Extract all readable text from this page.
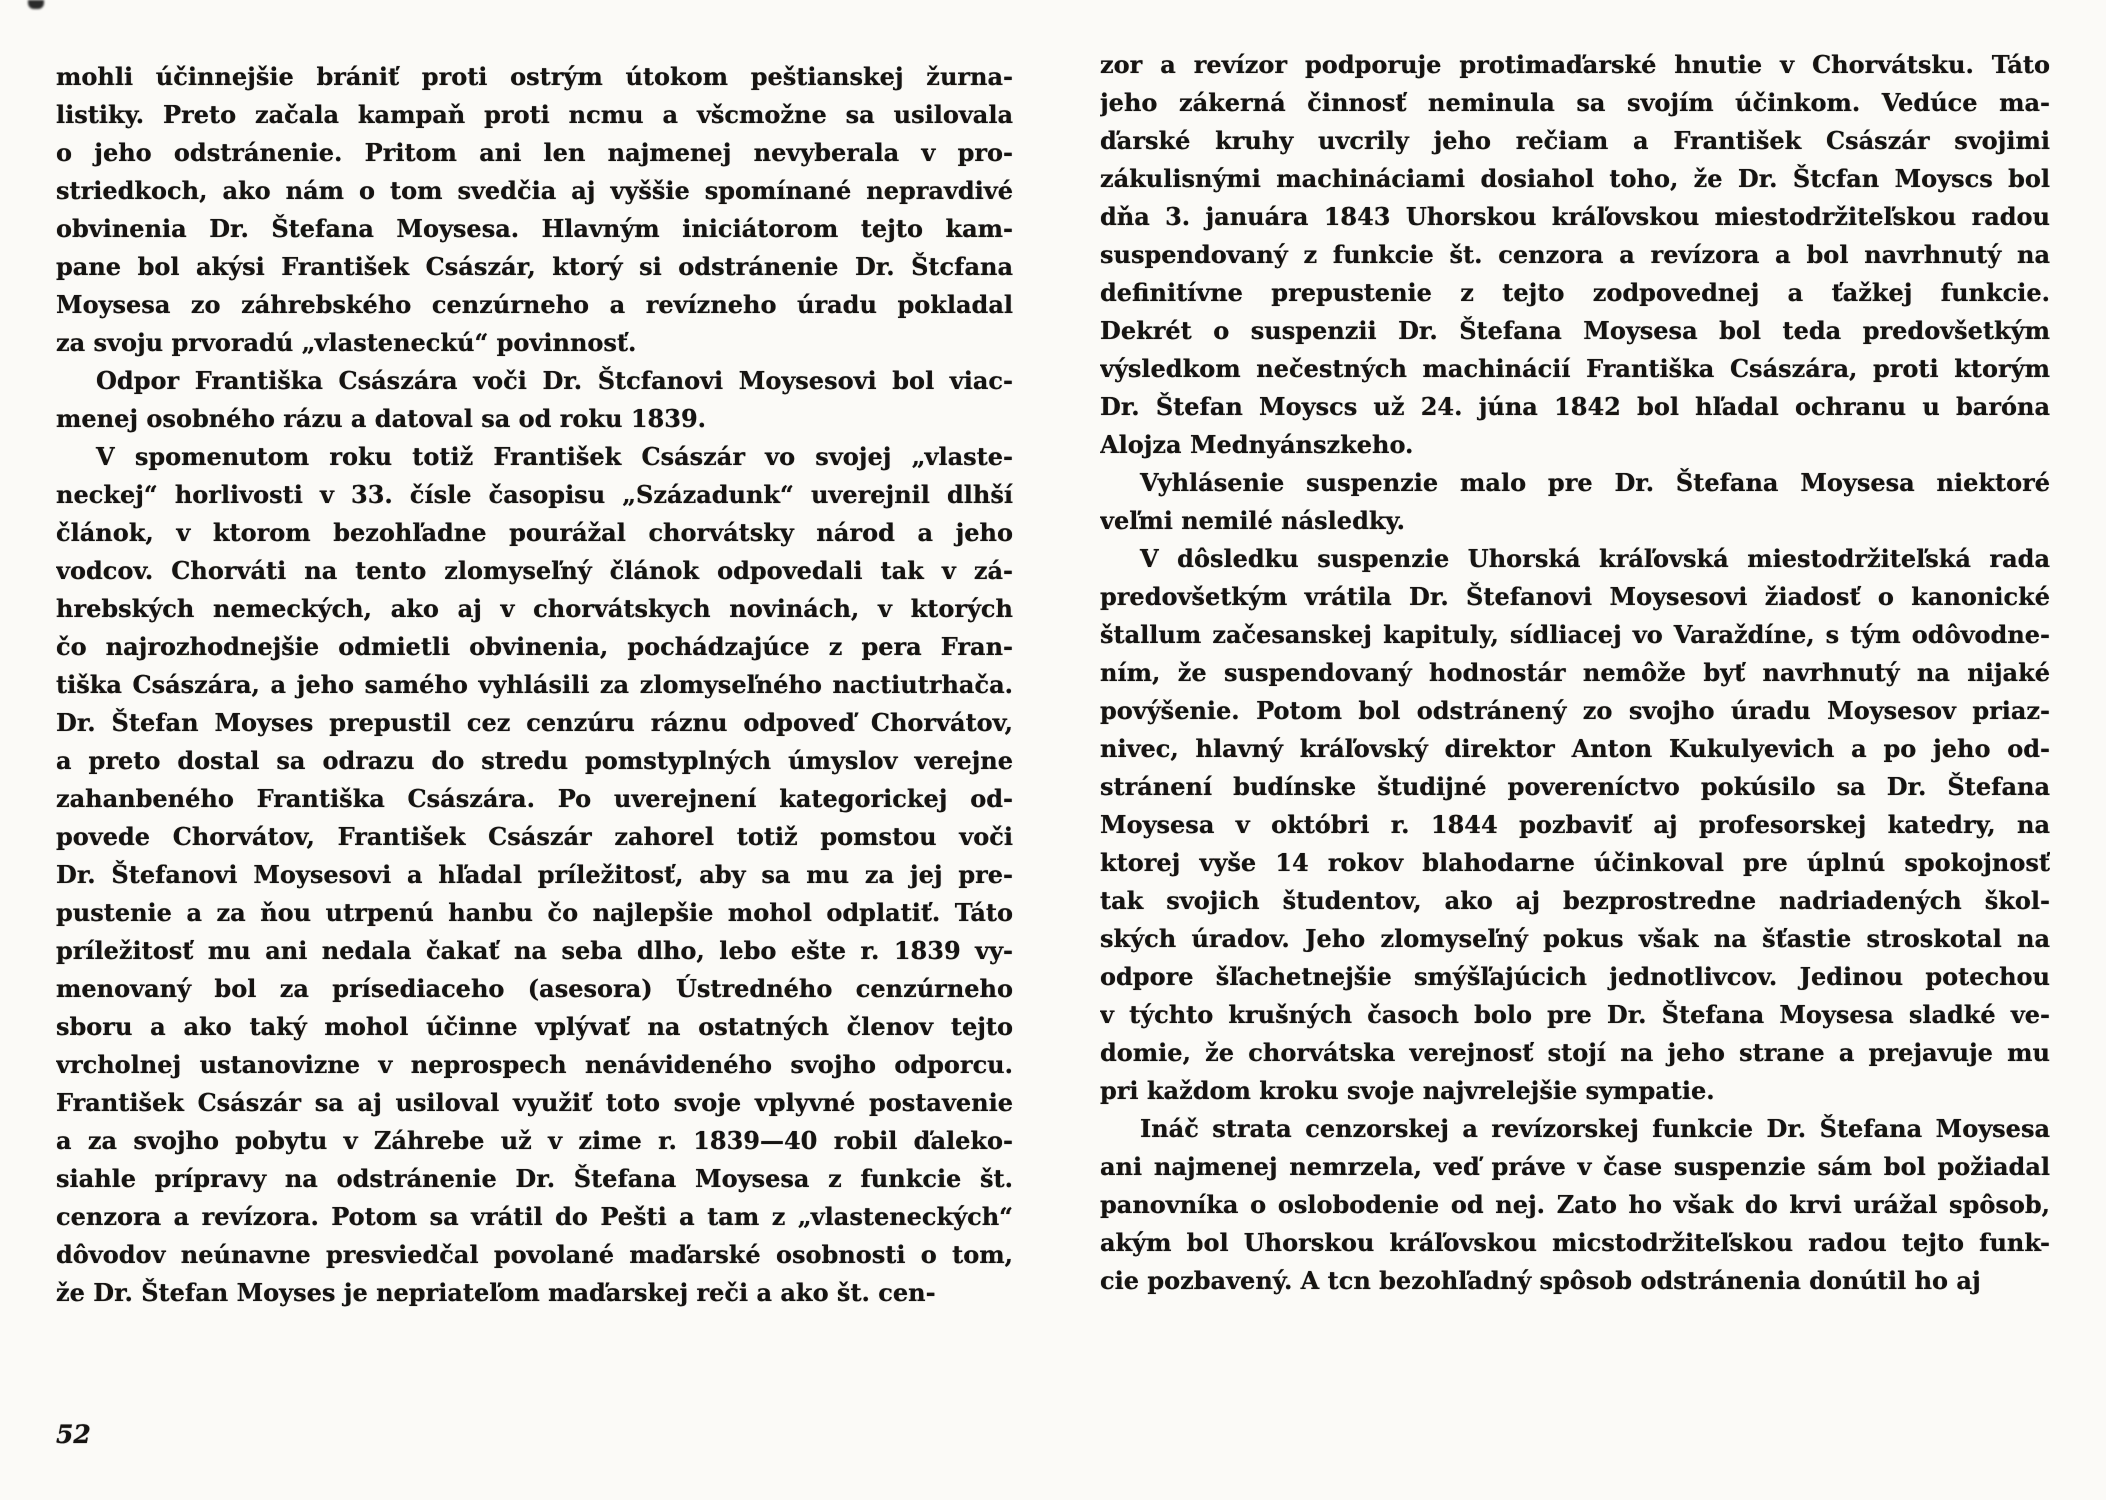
mohli účinnejšie brániť proti ostrým útokom peštianskej žurna-
listiky. Preto začala kampaň proti ncmu a všcmožne sa usilovala
o jeho odstránenie. Pritom ani len najmenej nevyberala v pro-
striedkoch, ako nám o tom svedčia aj vyššie spomínané nepravdivé
obvinenia Dr. Štefana Moysesa. Hlavným iniciátorom tejto kam-
pane bol akýsi František Császár, ktorý si odstránenie Dr. Štcfana
Moysesa zo záhrebského cenzúrneho a revízneho úradu pokladal
za svoju prvoradú „vlasteneckú“ povinnosť.
Odpor Františka Császára voči Dr. Štcfanovi Moysesovi bol viac-
menej osobného rázu a datoval sa od roku 1839.
V spomenutom roku totiž František Császár vo svojej „vlaste-
neckej“ horlivosti v 33. čísle časopisu „Századunk“ uverejnil dlhší
článok, v ktorom bezohľadne pourážal chorvátsky národ a jeho
vodcov. Chorváti na tento zlomyseľný článok odpovedali tak v zá-
hrebských nemeckých, ako aj v chorvátskych novinách, v ktorých
čo najrozhodnejšie odmietli obvinenia, pochádzajúce z pera Fran-
tiška Császára, a jeho samého vyhlásili za zlomyseľného nactiutrhača.
Dr. Štefan Moyses prepustil cez cenzúru ráznu odpoveď Chorvátov,
a preto dostal sa odrazu do stredu pomstyplných úmyslov verejne
zahanbeného Františka Császára. Po uverejnení kategorickej od-
povede Chorvátov, František Császár zahorel totiž pomstou voči
Dr. Štefanovi Moysesovi a hľadal príležitosť, aby sa mu za jej pre-
pustenie a za ňou utrpenú hanbu čo najlepšie mohol odplatiť. Táto
príležitosť mu ani nedala čakať na seba dlho, lebo ešte r. 1839 vy-
menovaný bol za prísediaceho (asesora) Ústredného cenzúrneho
sboru a ako taký mohol účinne vplývať na ostatných členov tejto
vrcholnej ustanovizne v neprospech nenávideného svojho odporcu.
František Császár sa aj usiloval využiť toto svoje vplyvné postavenie
a za svojho pobytu v Záhrebe už v zime r. 1839—40 robil ďaleko-
siahle prípravy na odstránenie Dr. Štefana Moysesa z funkcie št.
cenzora a revízora. Potom sa vrátil do Pešti a tam z „vlasteneckých“
dôvodov neúnavne presviedčal povolané maďarské osobnosti o tom,
že Dr. Štefan Moyses je nepriateľom maďarskej reči a ako št. cen-
zor a revízor podporuje protimaďarské hnutie v Chorvátsku. Táto
jeho zákerná činnosť neminula sa svojím účinkom. Vedúce ma-
ďarské kruhy uvcrily jeho rečiam a František Császár svojimi
zákulisnými machináciami dosiahol toho, že Dr. Štcfan Moyscs bol
dňa 3. januára 1843 Uhorskou kráľovskou miestodržiteľskou radou
suspendovaný z funkcie št. cenzora a revízora a bol navrhnutý na
definitívne prepustenie z tejto zodpovednej a ťažkej funkcie.
Dekrét o suspenzii Dr. Štefana Moysesa bol teda predovšetkým
výsledkom nečestných machinácií Františka Császára, proti ktorým
Dr. Štefan Moyscs už 24. júna 1842 bol hľadal ochranu u baróna
Alojza Mednyánszkeho.
Vyhlásenie suspenzie malo pre Dr. Štefana Moysesa niektoré
veľmi nemilé následky.
V dôsledku suspenzie Uhorská kráľovská miestodržiteľská rada
predovšetkým vrátila Dr. Štefanovi Moysesovi žiadosť o kanonické
štallum začesanskej kapituly, sídliacej vo Varaždíne, s tým odôvodne-
ním, že suspendovaný hodnostár nemôže byť navrhnutý na nijaké
povýšenie. Potom bol odstránený zo svojho úradu Moysesov priaz-
nivec, hlavný kráľovský direktor Anton Kukulyevich a po jeho od-
stránení budínske študijné povereníctvo pokúsilo sa Dr. Štefana
Moysesa v októbri r. 1844 pozbaviť aj profesorskej katedry, na
ktorej vyše 14 rokov blahodarne účinkoval pre úplnú spokojnosť
tak svojich študentov, ako aj bezprostredne nadriadených škol-
ských úradov. Jeho zlomyseľný pokus však na šťastie stroskotal na
odpore šľachetnejšie smýšľajúcich jednotlivcov. Jedinou potechou
v týchto krušných časoch bolo pre Dr. Štefana Moysesa sladké ve-
domie, že chorvátska verejnosť stojí na jeho strane a prejavuje mu
pri každom kroku svoje najvrelejšie sympatie.
Ináč strata cenzorskej a revízorskej funkcie Dr. Štefana Moysesa
ani najmenej nemrzela, veď práve v čase suspenzie sám bol požiadal
panovníka o oslobodenie od nej. Zato ho však do krvi urážal spôsob,
akým bol Uhorskou kráľovskou micstodržiteľskou radou tejto funk-
cie pozbavený. A tcn bezohľadný spôsob odstránenia donútil ho aj
52
